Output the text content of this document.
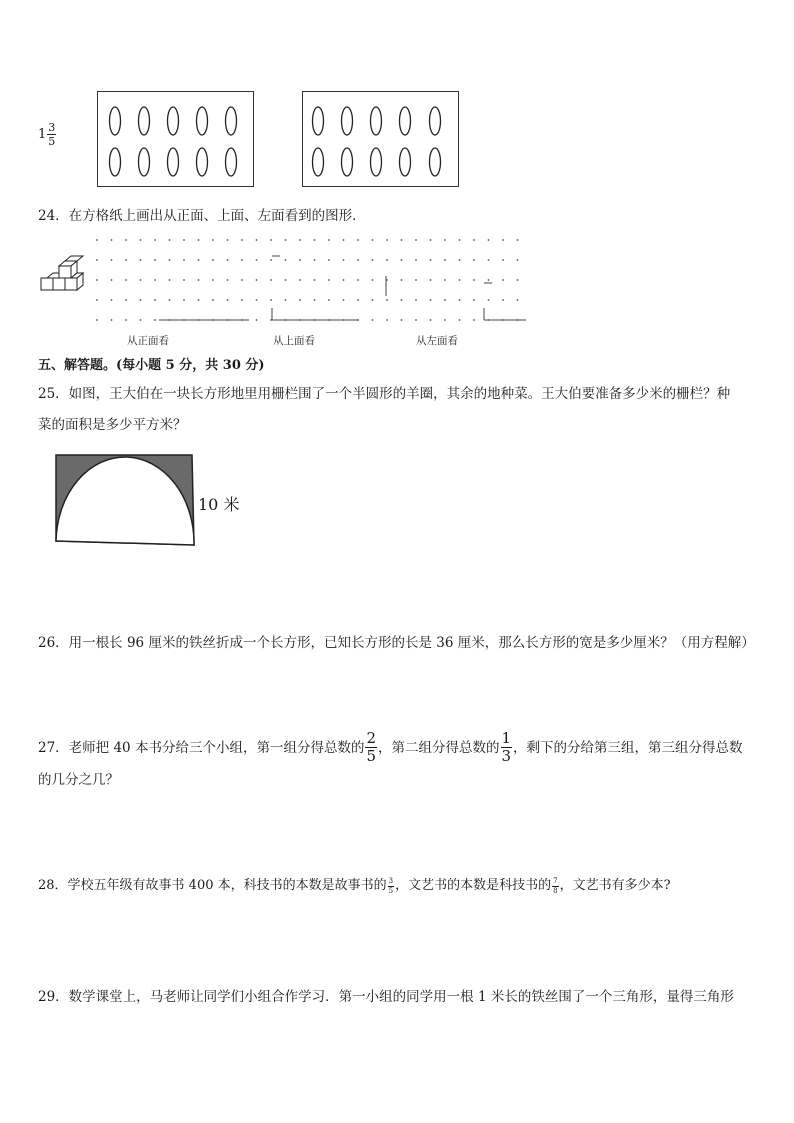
$1 \frac{3}{5}$
24．在方格纸上画出从正面、上面、左面看到的图形．
从正面看	从上面看	从左面看
五、解答题。(每小题 5 分，共 30 分)
25．如图，王大伯在一块长方形地里用栅栏围了一个半圆形的羊圈，其余的地种菜。王大伯要准备多少米的栅栏？种
菜的面积是多少平方米？
10 米
26．用一根长 96 厘米的铁丝折成一个长方形，已知长方形的长是 36 厘米，那么长方形的宽是多少厘米？（用方程解）
27．老师把 40 本书分给三个小组，第一组分得总数的 $\frac{2}{5}$ ，第二组分得总数的 $\frac{1}{3}$ ，剩下的分给第三组，第三组分得总数
的几分之几？
28．学校五年级有故事书 400 本，科技书的本数是故事书的 $\frac{3}{5}$ ，文艺书的本数是科技书的 $\frac{7}{8}$ ，文艺书有多少本?
29．数学课堂上，马老师让同学们小组合作学习．第一小组的同学用一根 1 米长的铁丝围了一个三角形，量得三角形
